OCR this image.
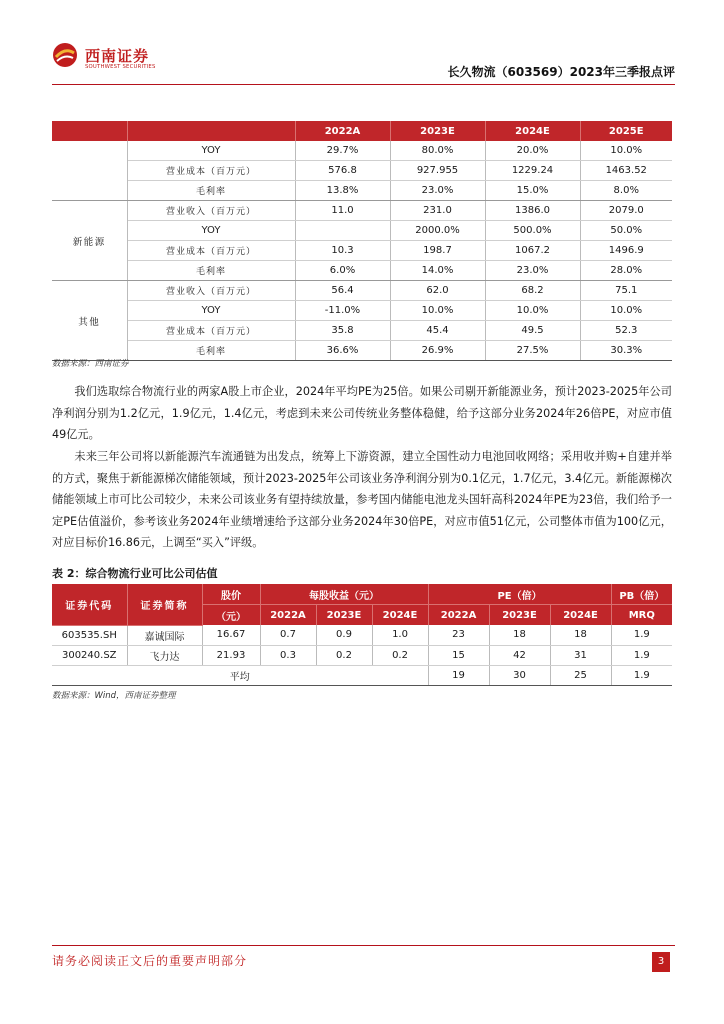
西南证券
SOUTHWEST SECURITIES	长久物流（603569）2023年三季报点评
		2022A	2023E	2024E	2025E
	YOY	29.7%	80.0%	20.0%	10.0%
	营业成本（百万元）	576.8	927.955	1229.24	1463.52
	毛利率	13.8%	23.0%	15.0%	8.0%
新能源	营业收入（百万元）	11.0	231.0	1386.0	2079.0
	YOY		2000.0%	500.0%	50.0%
	营业成本（百万元）	10.3	198.7	1067.2	1496.9
	毛利率	6.0%	14.0%	23.0%	28.0%
其他	营业收入（百万元）	56.4	62.0	68.2	75.1
	YOY	-11.0%	10.0%	10.0%	10.0%
	营业成本（百万元）	35.8	45.4	49.5	52.3
	毛利率	36.6%	26.9%	27.5%	30.3%
数据来源：西南证券

我们选取综合物流行业的两家A股上市企业，2024年平均PE为25倍。如果公司剔开新能源业务，预计2023-2025年公司净利润分别为1.2亿元，1.9亿元，1.4亿元，考虑到未来公司传统业务整体稳健，给予这部分业务2024年26倍PE，对应市值49亿元。

未来三年公司将以新能源汽车流通链为出发点，统筹上下游资源，建立全国性动力电池回收网络；采用收并购+自建并举的方式，聚焦于新能源梯次储能领域，预计2023-2025年公司该业务净利润分别为0.1亿元，1.7亿元，3.4亿元。新能源梯次储能领域上市可比公司较少，未来公司该业务有望持续放量，参考国内储能电池龙头国轩高科2024年PE为23倍，我们给予一定PE估值溢价，参考该业务2024年业绩增速给予这部分业务2024年30倍PE，对应市值51亿元，公司整体市值为100亿元，对应目标价16.86元，上调至“买入”评级。

表 2：综合物流行业可比公司估值
证券代码	证券简称	股价	每股收益（元）			PE（倍）			PB（倍）
		（元）	2022A	2023E	2024E	2022A	2023E	2024E	MRQ
603535.SH	嘉诚国际	16.67	0.7	0.9	1.0	23	18	18	1.9
300240.SZ	飞力达	21.93	0.3	0.2	0.2	15	42	31	1.9
平均						19	30	25	1.9
数据来源：Wind，西南证券整理
请务必阅读正文后的重要声明部分	3
